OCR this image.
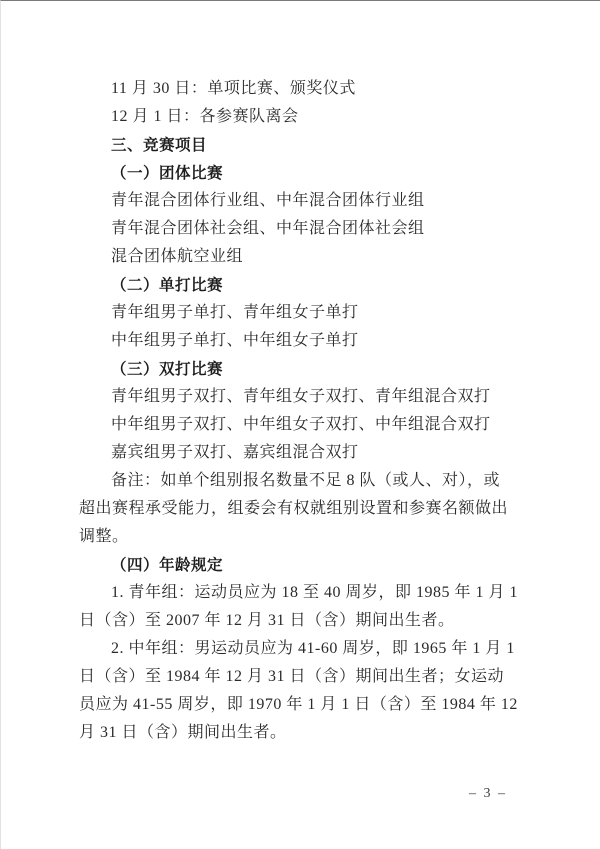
11 月 30 日：单项比赛、颁奖仪式
12 月 1 日：各参赛队离会
三、竞赛项目
（一）团体比赛
青年混合团体行业组、中年混合团体行业组
青年混合团体社会组、中年混合团体社会组
混合团体航空业组
（二）单打比赛
青年组男子单打、青年组女子单打
中年组男子单打、中年组女子单打
（三）双打比赛
青年组男子双打、青年组女子双打、青年组混合双打
中年组男子双打、中年组女子双打、中年组混合双打
嘉宾组男子双打、嘉宾组混合双打
备注：如单个组别报名数量不足 8 队（或人、对），或
超出赛程承受能力，组委会有权就组别设置和参赛名额做出
调整。
（四）年龄规定
1. 青年组：运动员应为 18 至 40 周岁，即 1985 年 1 月 1
日（含）至 2007 年 12 月 31 日（含）期间出生者。
2. 中年组：男运动员应为 41-60 周岁，即 1965 年 1 月 1
日（含）至 1984 年 12 月 31 日（含）期间出生者；女运动
员应为 41-55 周岁，即 1970 年 1 月 1 日（含）至 1984 年 12
月 31 日（含）期间出生者。
– 3 –
